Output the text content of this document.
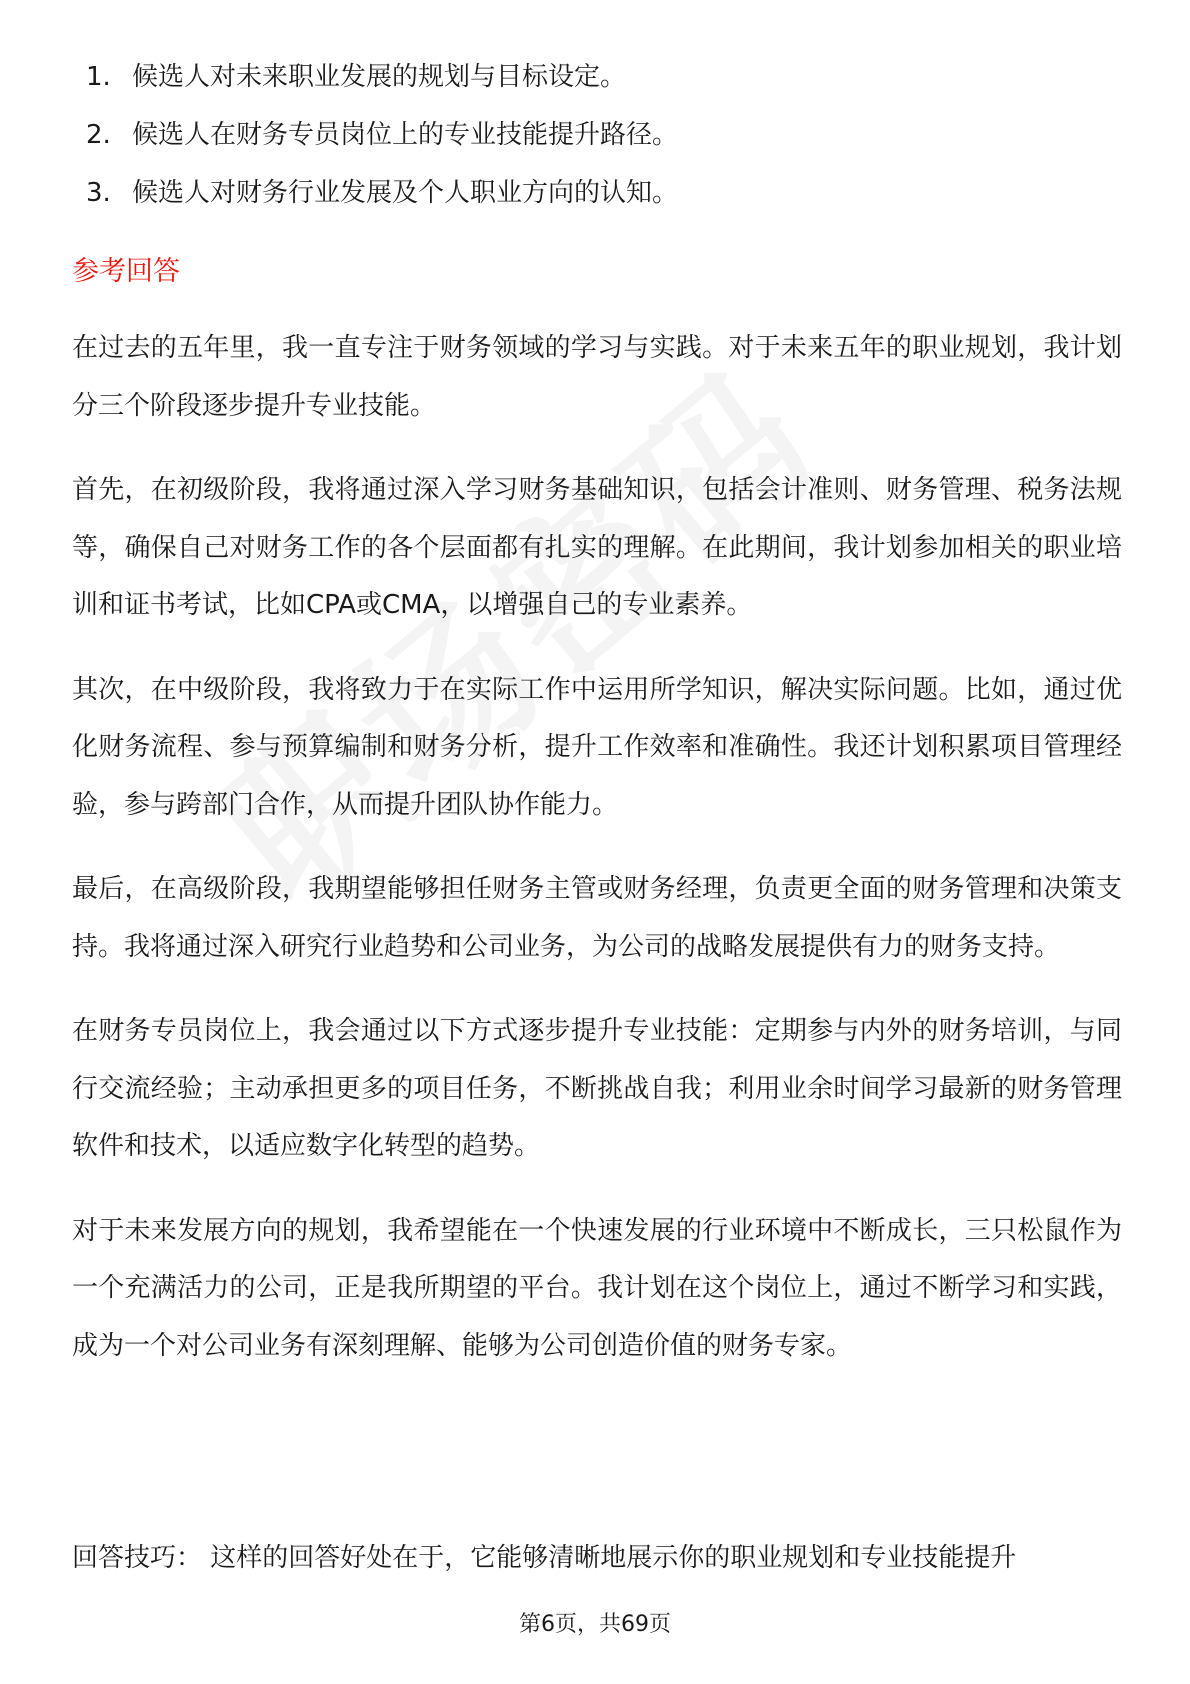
1. 候选人对未来职业发展的规划与目标设定。
2. 候选人在财务专员岗位上的专业技能提升路径。
3. 候选人对财务行业发展及个人职业方向的认知。
参考回答

在过去的五年里，我一直专注于财务领域的学习与实践。对于未来五年的职业规划，我计划分三个阶段逐步提升专业技能。

首先，在初级阶段，我将通过深入学习财务基础知识，包括会计准则、财务管理、税务法规等，确保自己对财务工作的各个层面都有扎实的理解。在此期间，我计划参加相关的职业培训和证书考试，比如CPA或CMA，以增强自己的专业素养。

其次，在中级阶段，我将致力于在实际工作中运用所学知识，解决实际问题。比如，通过优化财务流程、参与预算编制和财务分析，提升工作效率和准确性。我还计划积累项目管理经验，参与跨部门合作，从而提升团队协作能力。

最后，在高级阶段，我期望能够担任财务主管或财务经理，负责更全面的财务管理和决策支持。我将通过深入研究行业趋势和公司业务，为公司的战略发展提供有力的财务支持。

在财务专员岗位上，我会通过以下方式逐步提升专业技能：定期参与内外的财务培训，与同行交流经验；主动承担更多的项目任务，不断挑战自我；利用业余时间学习最新的财务管理软件和技术，以适应数字化转型的趋势。

对于未来发展方向的规划，我希望能在一个快速发展的行业环境中不断成长，三只松鼠作为一个充满活力的公司，正是我所期望的平台。我计划在这个岗位上，通过不断学习和实践，成为一个对公司业务有深刻理解、能够为公司创造价值的财务专家。

回答技巧： 这样的回答好处在于，它能够清晰地展示你的职业规划和专业技能提升
第6页，共69页
